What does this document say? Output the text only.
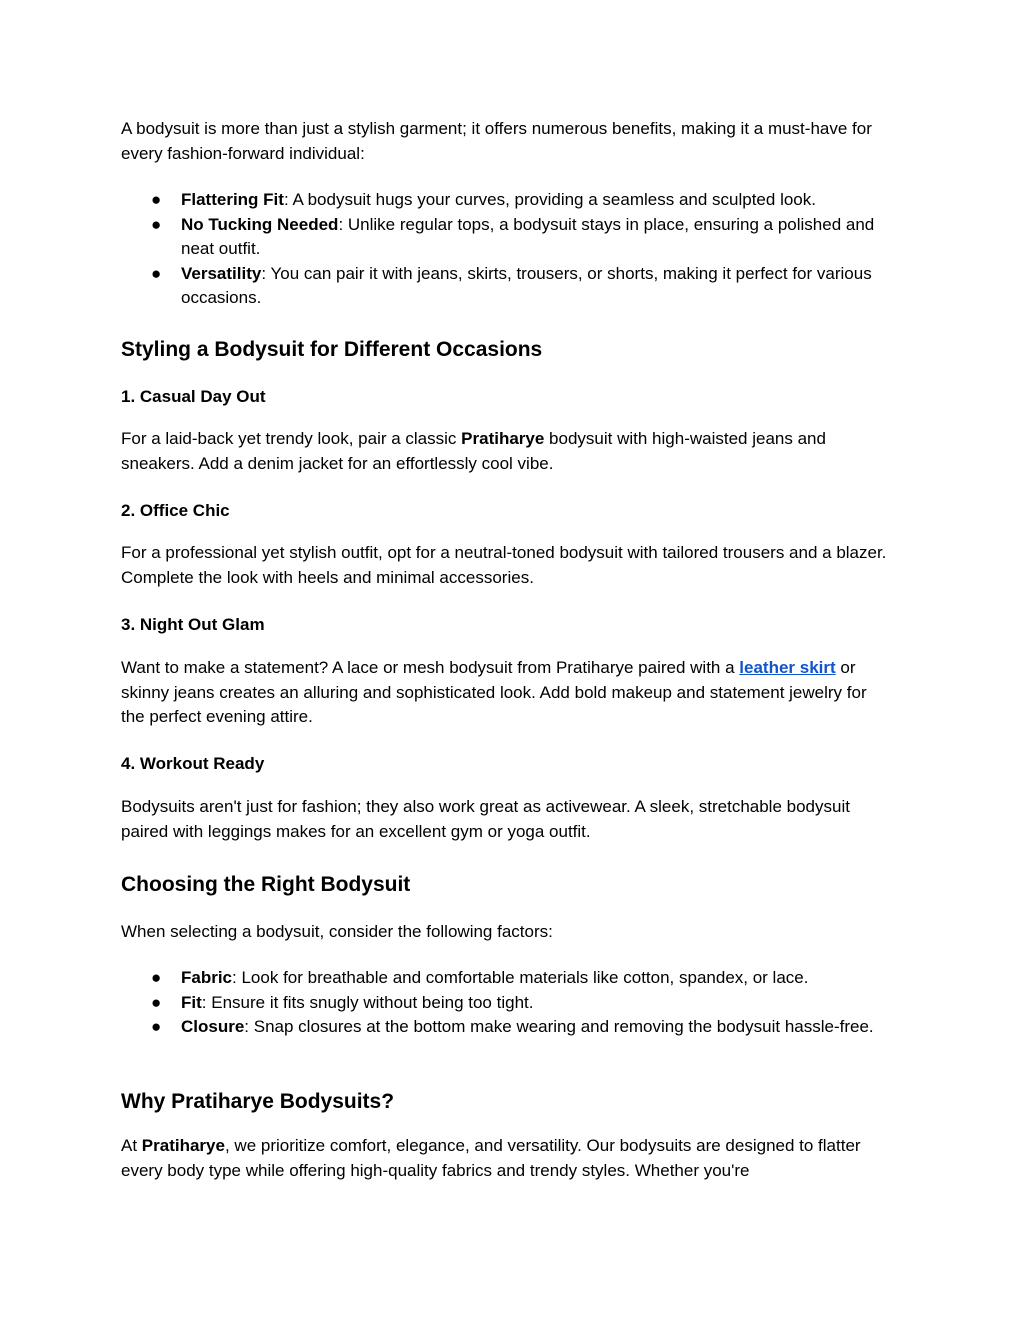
A bodysuit is more than just a stylish garment; it offers numerous benefits, making it a must-have for every fashion-forward individual:

● Flattering Fit: A bodysuit hugs your curves, providing a seamless and sculpted look.
● No Tucking Needed: Unlike regular tops, a bodysuit stays in place, ensuring a polished and neat outfit.
● Versatility: You can pair it with jeans, skirts, trousers, or shorts, making it perfect for various occasions.
Styling a Bodysuit for Different Occasions
1. Casual Day Out

For a laid-back yet trendy look, pair a classic Pratiharye bodysuit with high-waisted jeans and sneakers. Add a denim jacket for an effortlessly cool vibe.

2. Office Chic

For a professional yet stylish outfit, opt for a neutral-toned bodysuit with tailored trousers and a blazer. Complete the look with heels and minimal accessories.

3. Night Out Glam

Want to make a statement? A lace or mesh bodysuit from Pratiharye paired with a leather skirt or skinny jeans creates an alluring and sophisticated look. Add bold makeup and statement jewelry for the perfect evening attire.

4. Workout Ready

Bodysuits aren't just for fashion; they also work great as activewear. A sleek, stretchable bodysuit paired with leggings makes for an excellent gym or yoga outfit.

Choosing the Right Bodysuit

When selecting a bodysuit, consider the following factors:

● Fabric: Look for breathable and comfortable materials like cotton, spandex, or lace.
● Fit: Ensure it fits snugly without being too tight.
● Closure: Snap closures at the bottom make wearing and removing the bodysuit hassle-free.
Why Pratiharye Bodysuits?

At Pratiharye, we prioritize comfort, elegance, and versatility. Our bodysuits are designed to flatter every body type while offering high-quality fabrics and trendy styles. Whether you're
